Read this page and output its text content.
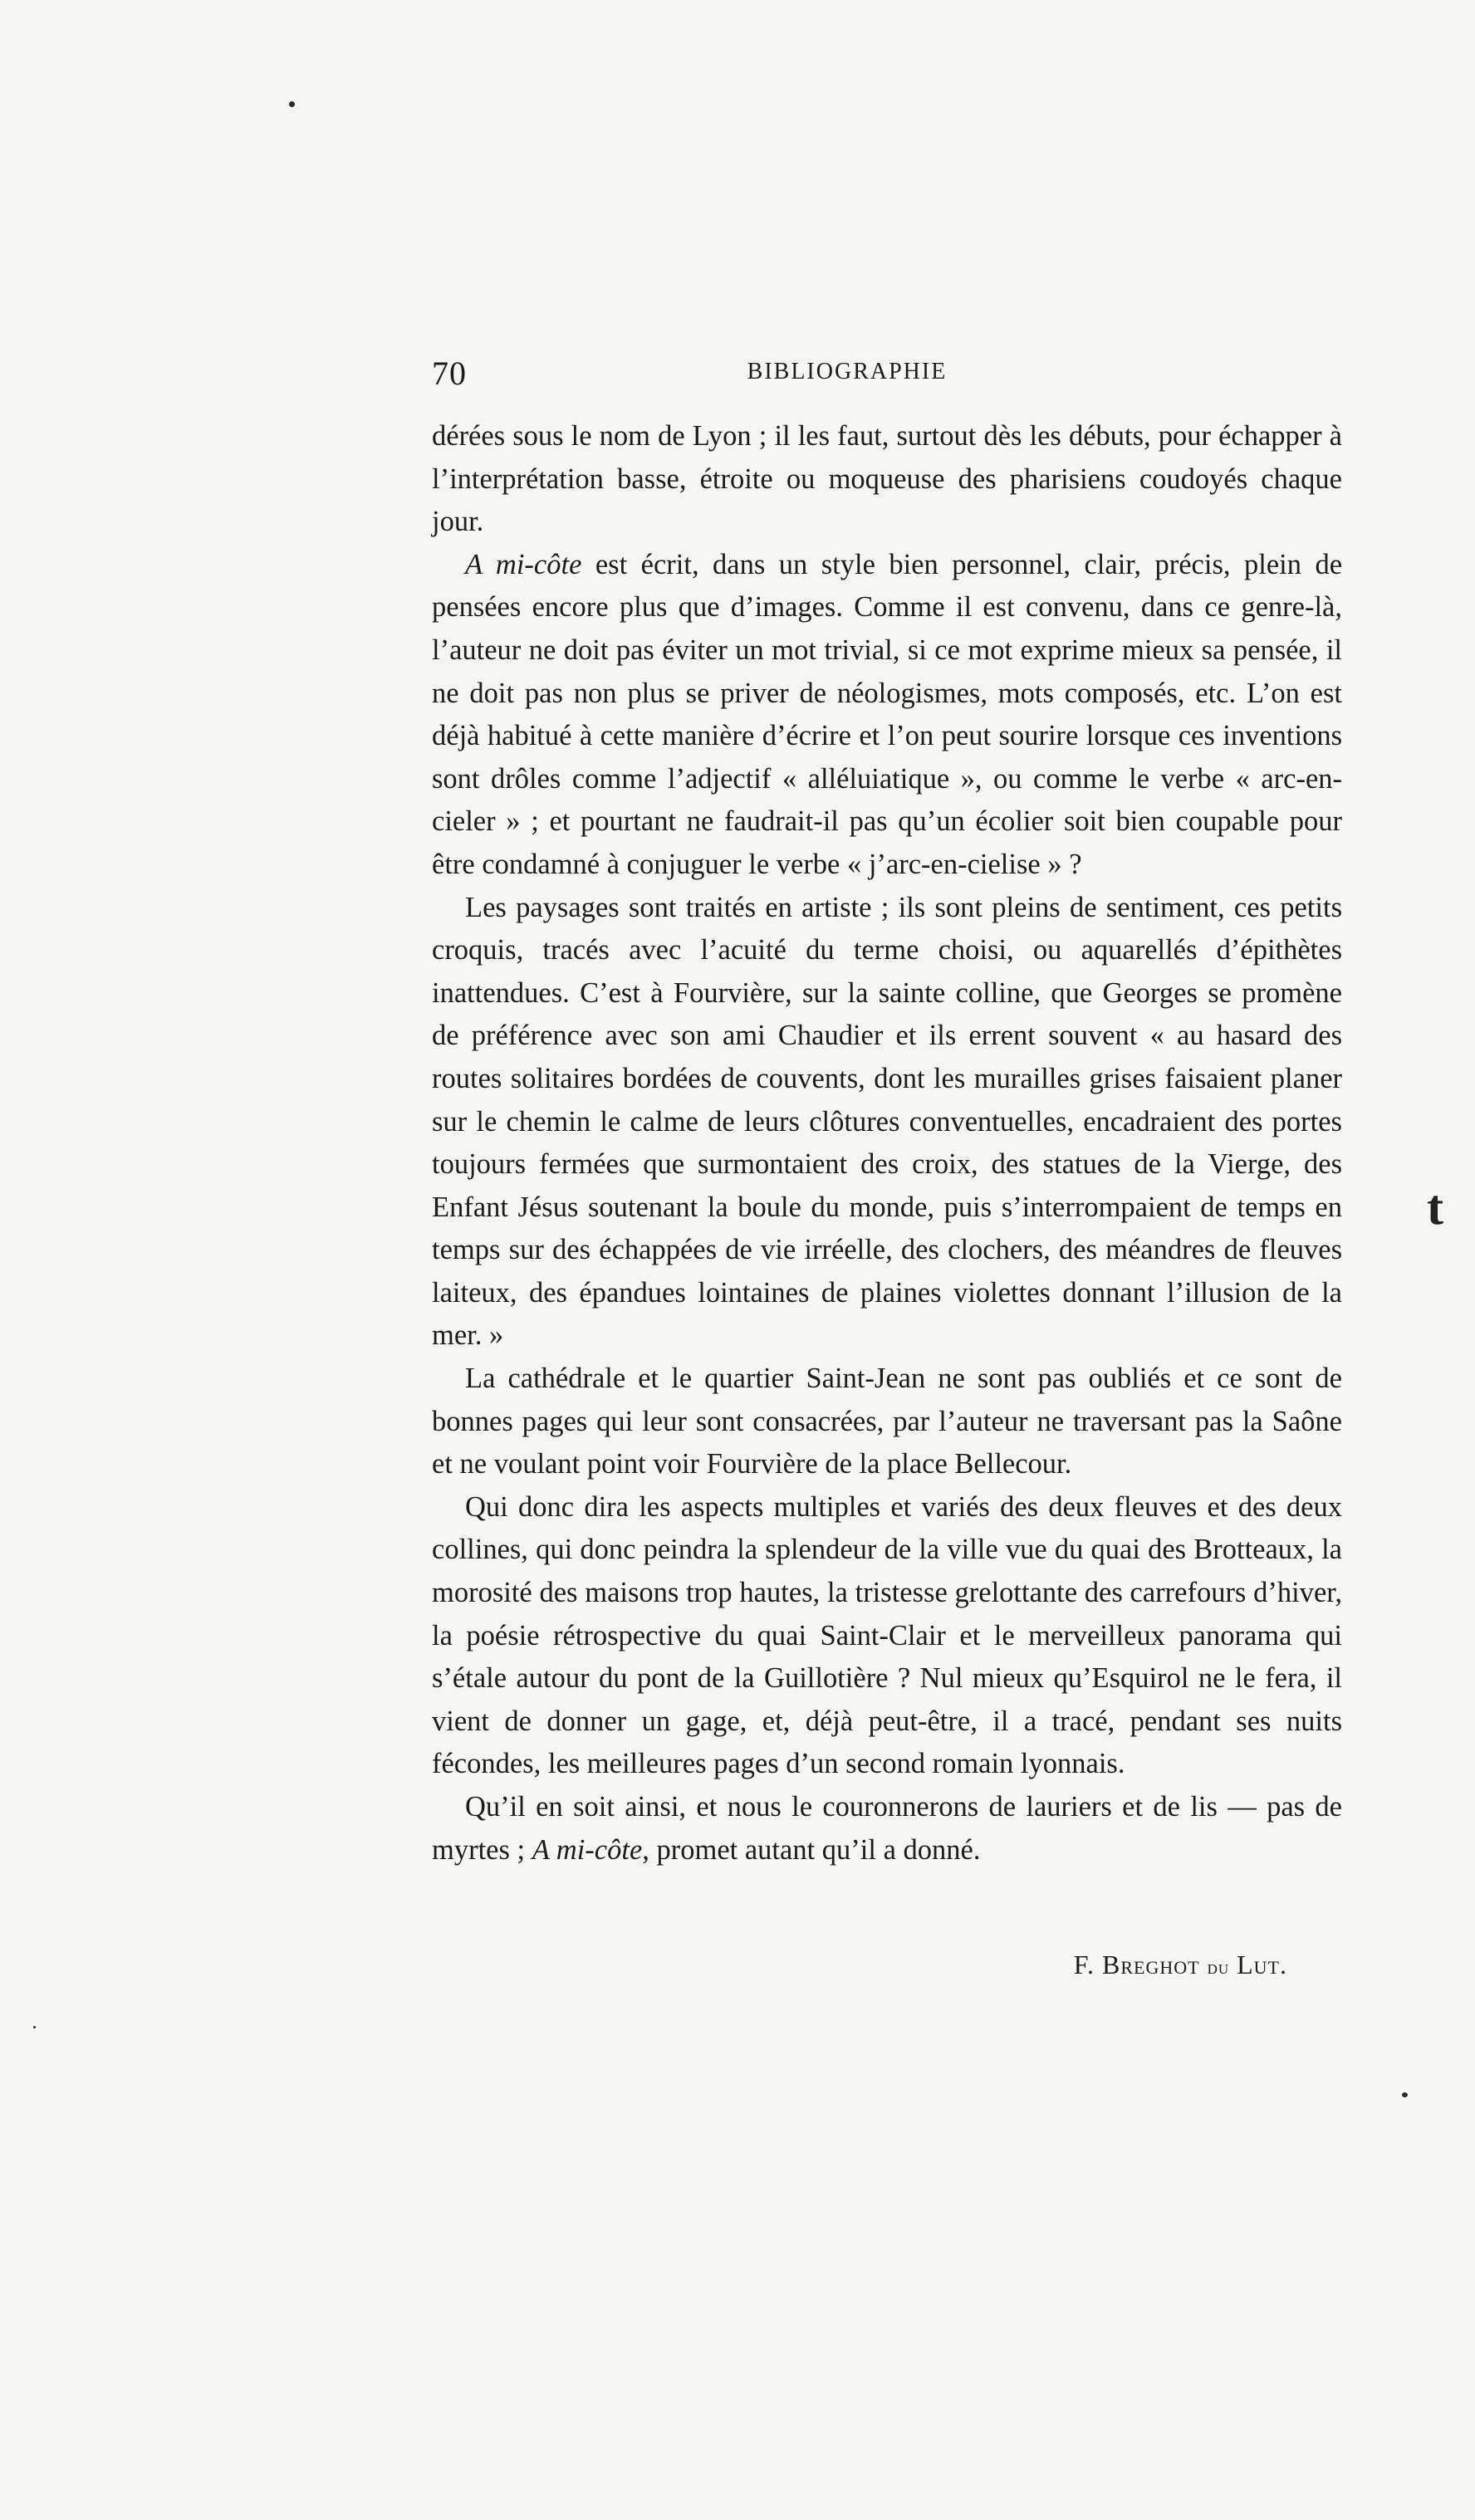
70	BIBLIOGRAPHIE

dérées sous le nom de Lyon ; il les faut, surtout dès les débuts, pour échapper à l’interprétation basse, étroite ou moqueuse des pharisiens coudoyés chaque jour.

A mi-côte est écrit, dans un style bien personnel, clair, précis, plein de pensées encore plus que d’images. Comme il est convenu, dans ce genre-là, l’auteur ne doit pas éviter un mot trivial, si ce mot exprime mieux sa pensée, il ne doit pas non plus se priver de néologismes, mots composés, etc. L’on est déjà habitué à cette manière d’écrire et l’on peut sourire lorsque ces inventions sont drôles comme l’adjectif « alléluiatique », ou comme le verbe « arc-en-cieler » ; et pourtant ne faudrait-il pas qu’un écolier soit bien coupable pour être condamné à conjuguer le verbe « j’arc-en-cielise » ?

Les paysages sont traités en artiste ; ils sont pleins de sentiment, ces petits croquis, tracés avec l’acuité du terme choisi, ou aquarellés d’épithètes inattendues. C’est à Fourvière, sur la sainte colline, que Georges se promène de préférence avec son ami Chaudier et ils errent souvent « au hasard des routes solitaires bordées de couvents, dont les murailles grises faisaient planer sur le chemin le calme de leurs clôtures conventuelles, encadraient des portes toujours fermées que surmontaient des croix, des statues de la Vierge, des Enfant Jésus soutenant la boule du monde, puis s’interrompaient de temps en temps sur des échappées de vie irréelle, des clochers, des méandres de fleuves laiteux, des épandues lointaines de plaines violettes donnant l’illusion de la mer. »

La cathédrale et le quartier Saint-Jean ne sont pas oubliés et ce sont de bonnes pages qui leur sont consacrées, par l’auteur ne traversant pas la Saône et ne voulant point voir Fourvière de la place Bellecour.

Qui donc dira les aspects multiples et variés des deux fleuves et des deux collines, qui donc peindra la splendeur de la ville vue du quai des Brotteaux, la morosité des maisons trop hautes, la tristesse grelottante des carrefours d’hiver, la poésie rétrospective du quai Saint-Clair et le merveilleux panorama qui s’étale autour du pont de la Guillotière ? Nul mieux qu’Esquirol ne le fera, il vient de donner un gage, et, déjà peut-être, il a tracé, pendant ses nuits fécondes, les meilleures pages d’un second romain lyonnais.

Qu’il en soit ainsi, et nous le couronnerons de lauriers et de lis — pas de myrtes ; A mi-côte, promet autant qu’il a donné.

F. Breghot du Lut.
t
